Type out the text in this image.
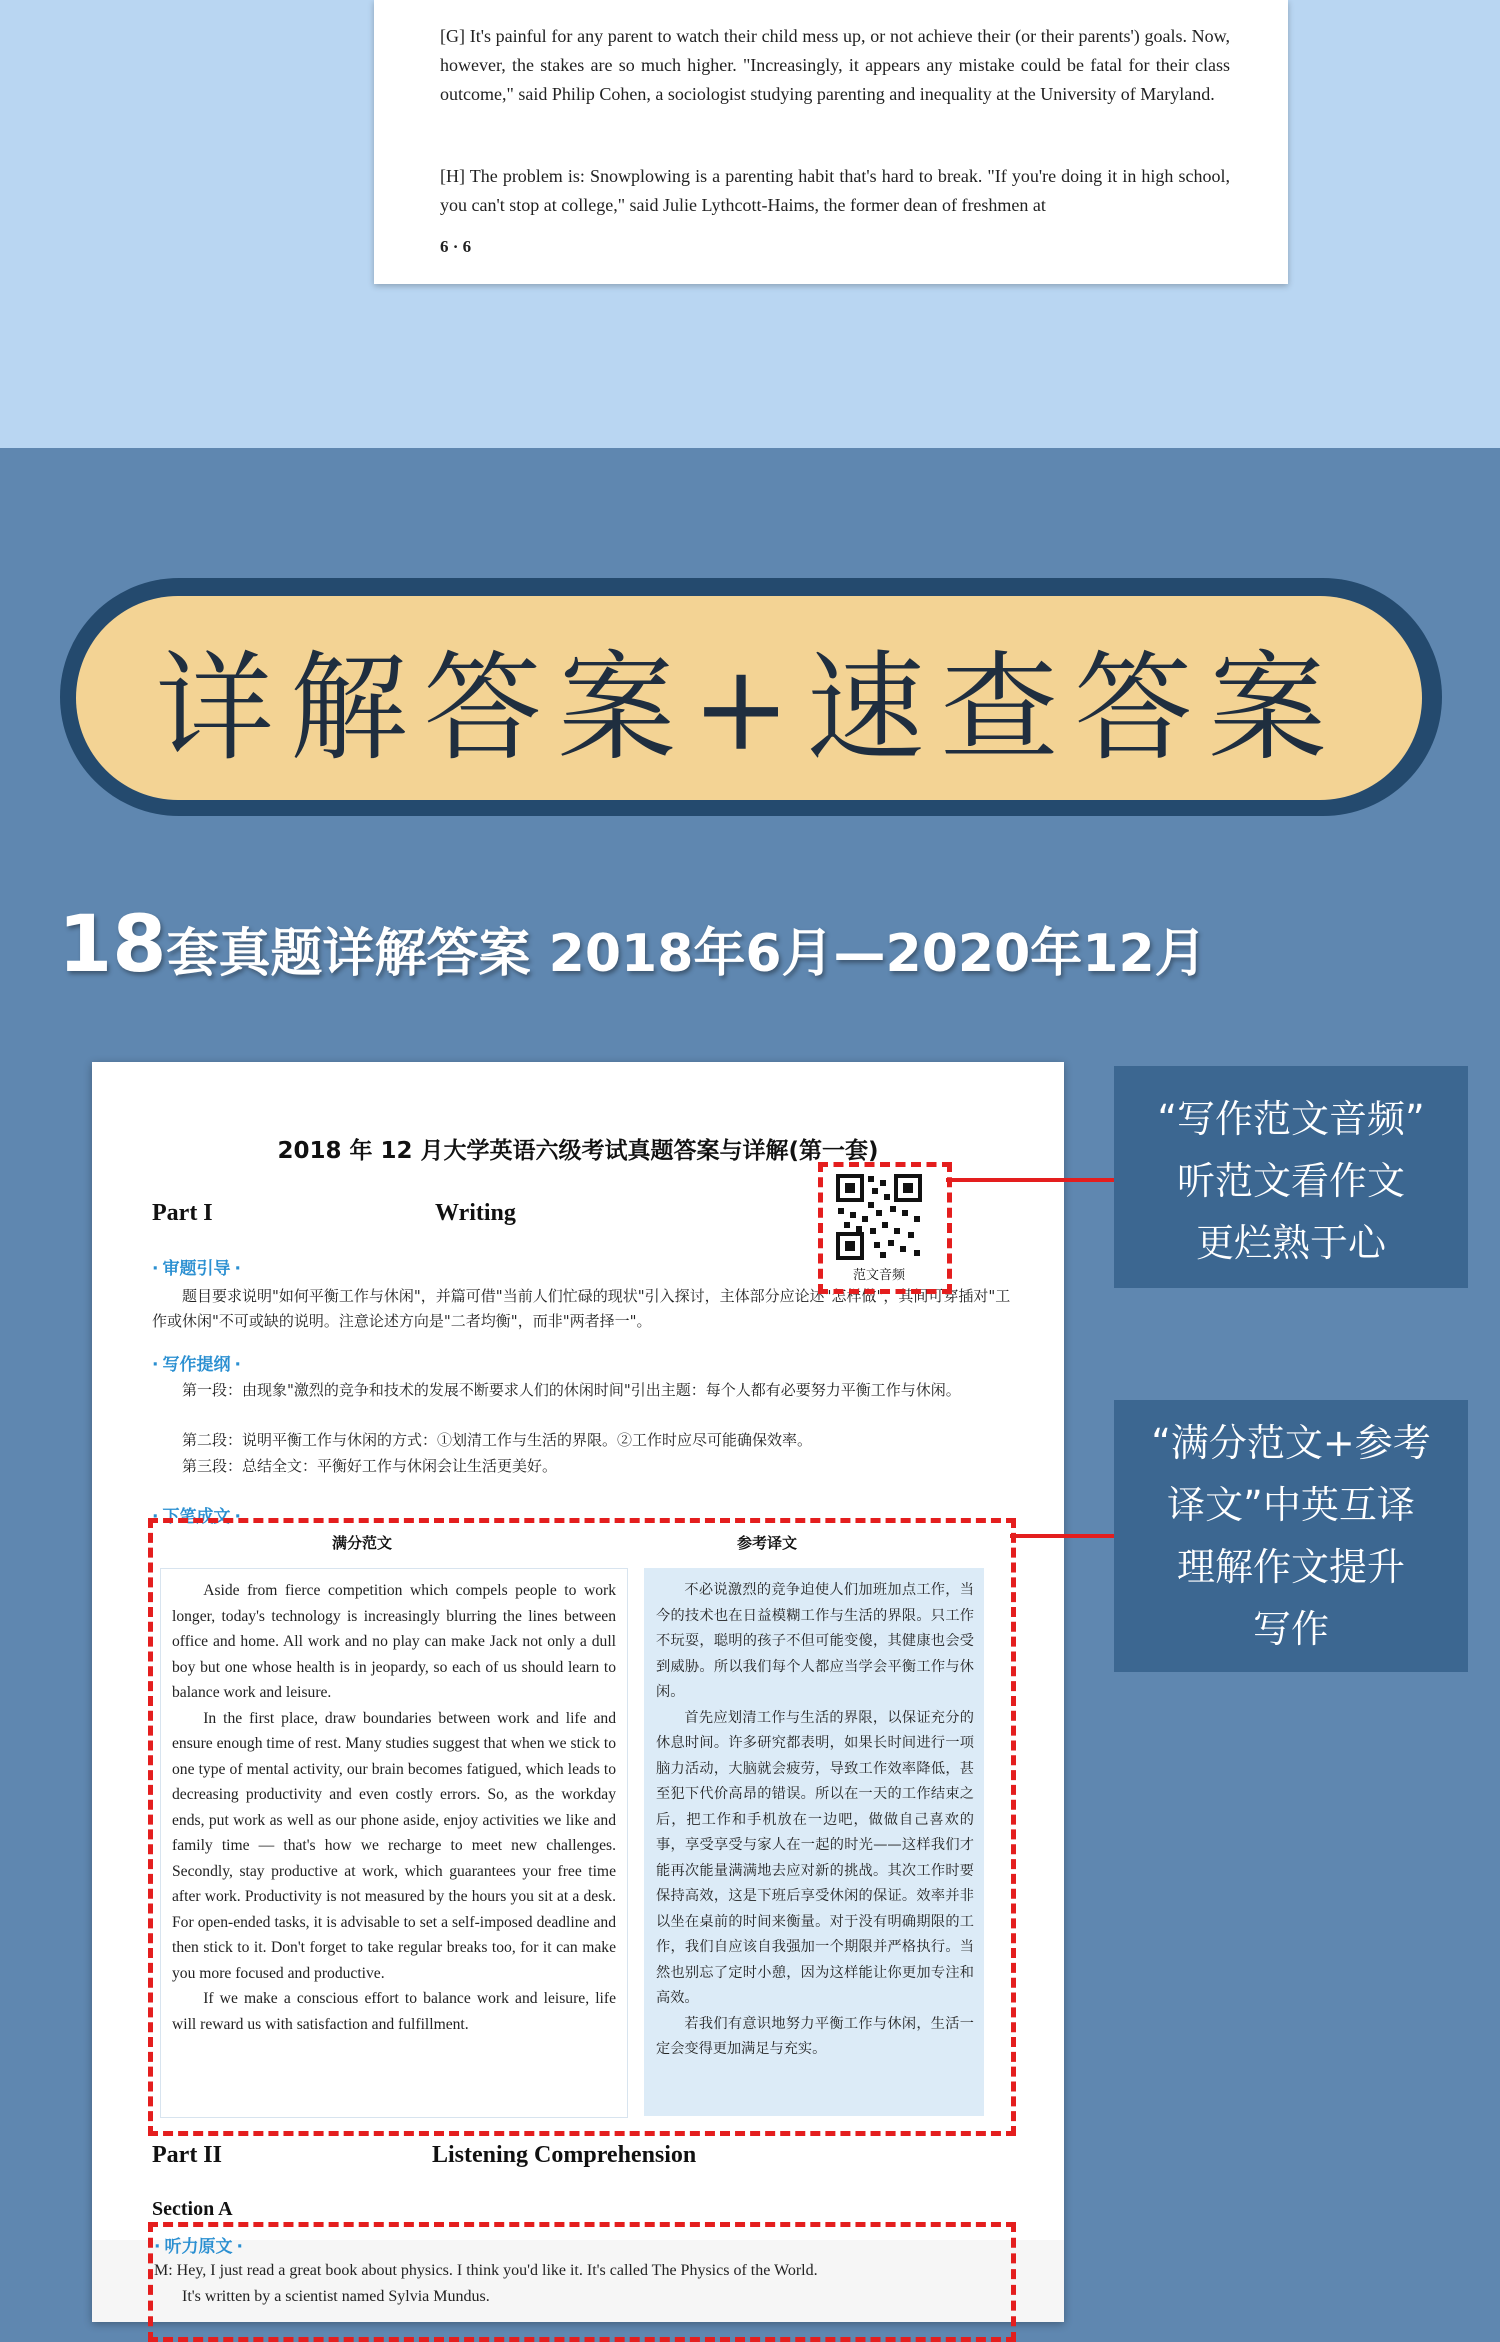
[G] It's painful for any parent to watch their child mess up, or not achieve their (or their parents') goals. Now, however, the stakes are so much higher. "Increasingly, it appears any mistake could be fatal for their class outcome," said Philip Cohen, a sociologist studying parenting and inequality at the University of Maryland.

[H] The problem is: Snowplowing is a parenting habit that's hard to break. "If you're doing it in high school, you can't stop at college," said Julie Lythcott-Haims, the former dean of freshmen at

6 · 6

详解答案+速查答案
18套真题详解答案 2018年6月—2020年12月
2018 年 12 月大学英语六级考试真题答案与详解(第一套)
Part I	Writing
范文音频
· 审题引导 ·
题目要求说明"如何平衡工作与休闲"，并篇可借"当前人们忙碌的现状"引入探讨，主体部分应论述"怎样做"，其间可穿插对"工作或休闲"不可或缺的说明。注意论述方向是"二者均衡"，而非"两者择一"。
· 写作提纲 ·
第一段：由现象"激烈的竞争和技术的发展不断要求人们的休闲时间"引出主题：每个人都有必要努力平衡工作与休闲。
第二段：说明平衡工作与休闲的方式：①划清工作与生活的界限。②工作时应尽可能确保效率。
第三段：总结全文：平衡好工作与休闲会让生活更美好。
· 下笔成文 ·
满分范文	参考译文

Aside from fierce competition which compels people to work longer, today's technology is increasingly blurring the lines between office and home. All work and no play can make Jack not only a dull boy but one whose health is in jeopardy, so each of us should learn to balance work and leisure.

In the first place, draw boundaries between work and life and ensure enough time of rest. Many studies suggest that when we stick to one type of mental activity, our brain becomes fatigued, which leads to decreasing productivity and even costly errors. So, as the workday ends, put work as well as our phone aside, enjoy activities we like and family time — that's how we recharge to meet new challenges. Secondly, stay productive at work, which guarantees your free time after work. Productivity is not measured by the hours you sit at a desk. For open-ended tasks, it is advisable to set a self-imposed deadline and then stick to it. Don't forget to take regular breaks too, for it can make you more focused and productive.

If we make a conscious effort to balance work and leisure, life will reward us with satisfaction and fulfillment.

不必说激烈的竞争迫使人们加班加点工作，当今的技术也在日益模糊工作与生活的界限。只工作不玩耍，聪明的孩子不但可能变傻，其健康也会受到威胁。所以我们每个人都应当学会平衡工作与休闲。

首先应划清工作与生活的界限，以保证充分的休息时间。许多研究都表明，如果长时间进行一项脑力活动，大脑就会疲劳，导致工作效率降低，甚至犯下代价高昂的错误。所以在一天的工作结束之后，把工作和手机放在一边吧，做做自己喜欢的事，享受享受与家人在一起的时光——这样我们才能再次能量满满地去应对新的挑战。其次工作时要保持高效，这是下班后享受休闲的保证。效率并非以坐在桌前的时间来衡量。对于没有明确期限的工作，我们自应该自我强加一个期限并严格执行。当然也别忘了定时小憩，因为这样能让你更加专注和高效。

若我们有意识地努力平衡工作与休闲，生活一定会变得更加满足与充实。

Part II	Listening Comprehension
Section A
· 听力原文 ·
M: Hey, I just read a great book about physics. I think you'd like it. It's called The Physics of the World.
It's written by a scientist named Sylvia Mundus.
“写作范文音频”
听范文看作文
更烂熟于心
“满分范文+参考
译文”中英互译
理解作文提升
写作
